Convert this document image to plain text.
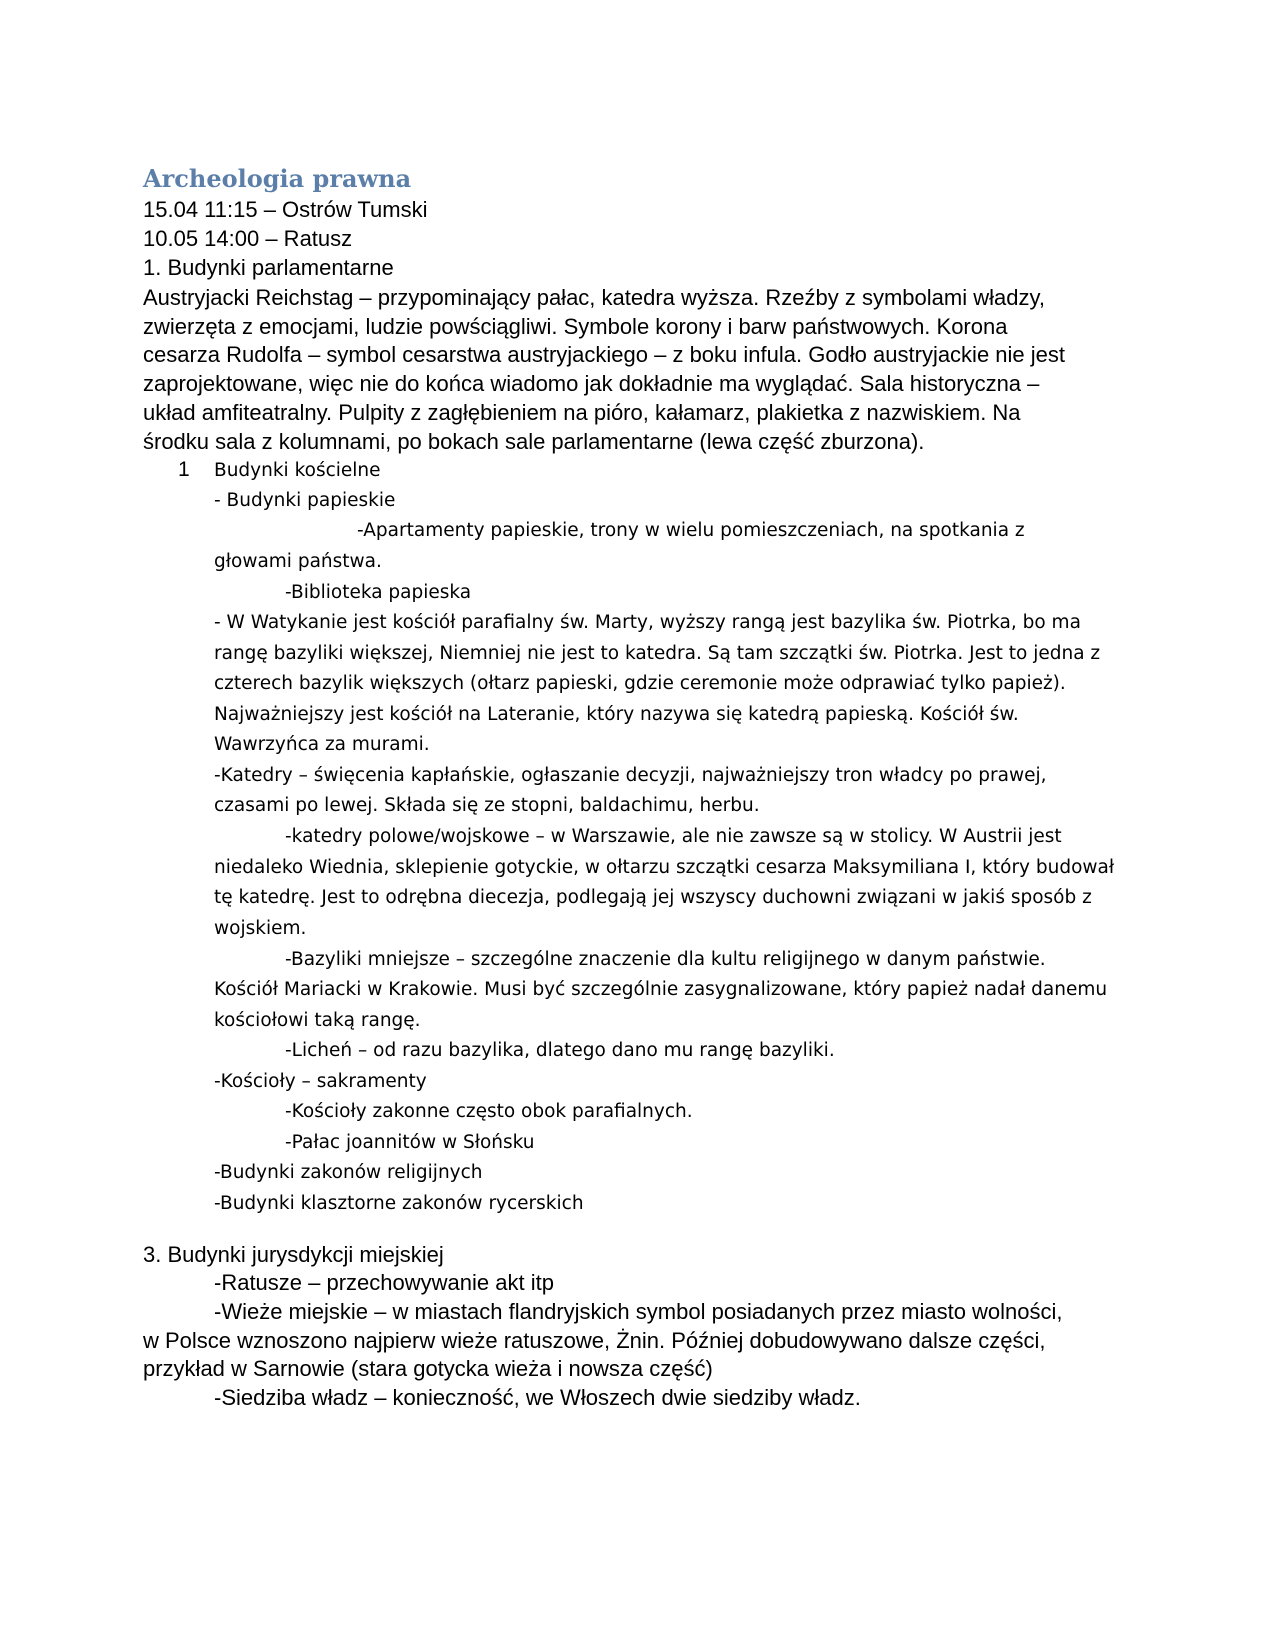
Archeologia prawna
15.04 11:15 – Ostrów Tumski
10.05 14:00 – Ratusz
1. Budynki parlamentarne
Austryjacki Reichstag – przypominający pałac, katedra wyższa. Rzeźby z symbolami władzy,
zwierzęta z emocjami, ludzie powściągliwi. Symbole korony i barw państwowych. Korona
cesarza Rudolfa – symbol cesarstwa austryjackiego – z boku infula. Godło austryjackie nie jest
zaprojektowane, więc nie do końca wiadomo jak dokładnie ma wyglądać. Sala historyczna –
układ amfiteatralny. Pulpity z zagłębieniem na pióro, kałamarz, plakietka z nazwiskiem. Na
środku sala z kolumnami, po bokach sale parlamentarne (lewa część zburzona).
1 Budynki kościelne
- Budynki papieskie
-Apartamenty papieskie, trony w wielu pomieszczeniach, na spotkania z
głowami państwa.
-Biblioteka papieska
- W Watykanie jest kościół parafialny św. Marty, wyższy rangą jest bazylika św. Piotrka, bo ma
rangę bazyliki większej, Niemniej nie jest to katedra. Są tam szczątki św. Piotrka. Jest to jedna z
czterech bazylik większych (ołtarz papieski, gdzie ceremonie może odprawiać tylko papież).
Najważniejszy jest kościół na Lateranie, który nazywa się katedrą papieską. Kościół św.
Wawrzyńca za murami.
-Katedry – święcenia kapłańskie, ogłaszanie decyzji, najważniejszy tron władcy po prawej,
czasami po lewej. Składa się ze stopni, baldachimu, herbu.
-katedry polowe/wojskowe – w Warszawie, ale nie zawsze są w stolicy. W Austrii jest
niedaleko Wiednia, sklepienie gotyckie, w ołtarzu szczątki cesarza Maksymiliana I, który budował
tę katedrę. Jest to odrębna diecezja, podlegają jej wszyscy duchowni związani w jakiś sposób z
wojskiem.
-Bazyliki mniejsze – szczególne znaczenie dla kultu religijnego w danym państwie.
Kościół Mariacki w Krakowie. Musi być szczególnie zasygnalizowane, który papież nadał danemu
kościołowi taką rangę.
-Licheń – od razu bazylika, dlatego dano mu rangę bazyliki.
-Kościoły – sakramenty
-Kościoły zakonne często obok parafialnych.
-Pałac joannitów w Słońsku
-Budynki zakonów religijnych
-Budynki klasztorne zakonów rycerskich
3. Budynki jurysdykcji miejskiej
-Ratusze – przechowywanie akt itp
-Wieże miejskie – w miastach flandryjskich symbol posiadanych przez miasto wolności,
w Polsce wznoszono najpierw wieże ratuszowe, Żnin. Później dobudowywano dalsze części,
przykład w Sarnowie (stara gotycka wieża i nowsza część)
-Siedziba władz – konieczność, we Włoszech dwie siedziby władz.
